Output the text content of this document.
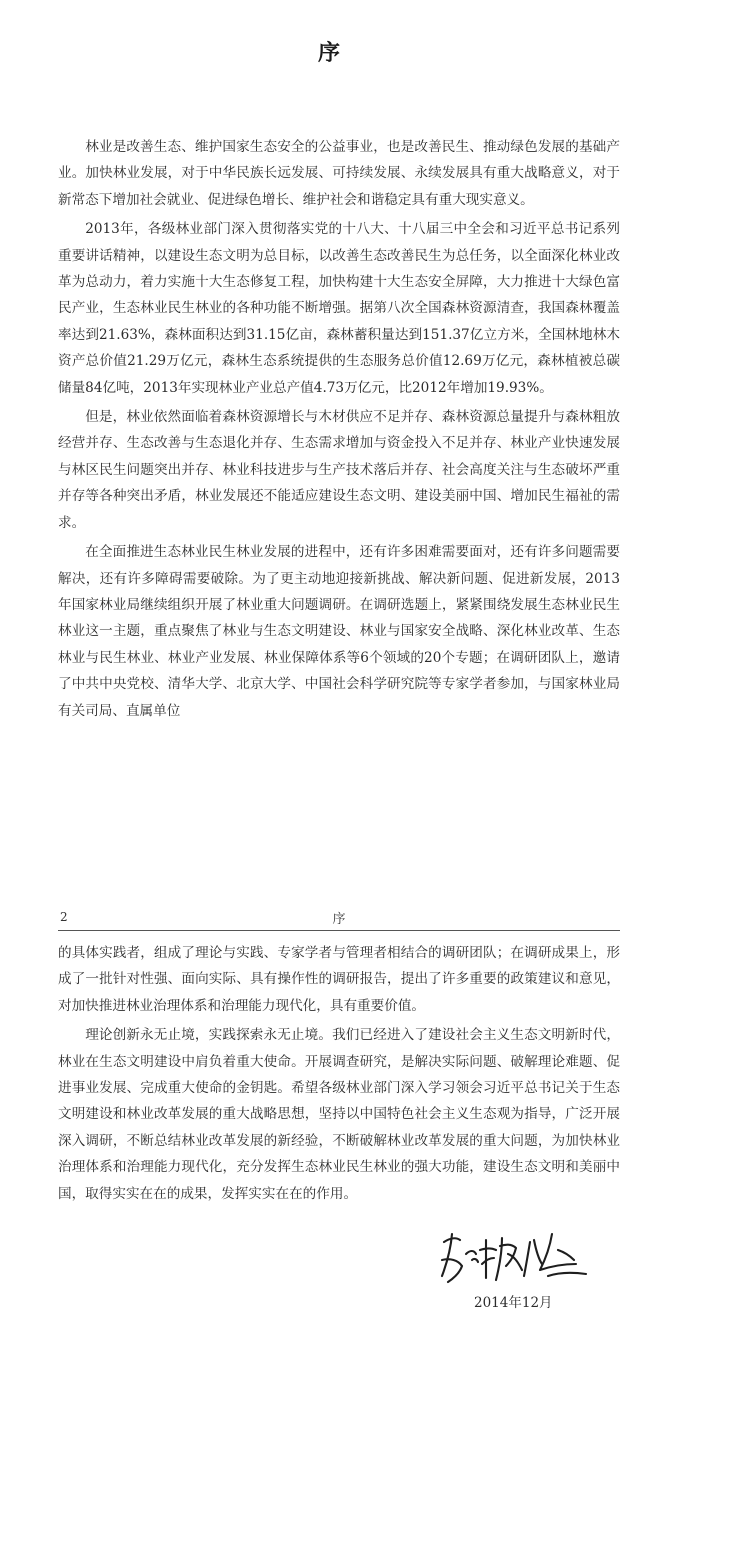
序

林业是改善生态、维护国家生态安全的公益事业，也是改善民生、推动绿色发展的基础产业。加快林业发展，对于中华民族长远发展、可持续发展、永续发展具有重大战略意义，对于新常态下增加社会就业、促进绿色增长、维护社会和谐稳定具有重大现实意义。

2013年，各级林业部门深入贯彻落实党的十八大、十八届三中全会和习近平总书记系列重要讲话精神，以建设生态文明为总目标，以改善生态改善民生为总任务，以全面深化林业改革为总动力，着力实施十大生态修复工程，加快构建十大生态安全屏障，大力推进十大绿色富民产业，生态林业民生林业的各种功能不断增强。据第八次全国森林资源清查，我国森林覆盖率达到21.63%，森林面积达到31.15亿亩，森林蓄积量达到151.37亿立方米，全国林地林木资产总价值21.29万亿元，森林生态系统提供的生态服务总价值12.69万亿元，森林植被总碳储量84亿吨，2013年实现林业产业总产值4.73万亿元，比2012年增加19.93%。

但是，林业依然面临着森林资源增长与木材供应不足并存、森林资源总量提升与森林粗放经营并存、生态改善与生态退化并存、生态需求增加与资金投入不足并存、林业产业快速发展与林区民生问题突出并存、林业科技进步与生产技术落后并存、社会高度关注与生态破坏严重并存等各种突出矛盾，林业发展还不能适应建设生态文明、建设美丽中国、增加民生福祉的需求。

在全面推进生态林业民生林业发展的进程中，还有许多困难需要面对，还有许多问题需要解决，还有许多障碍需要破除。为了更主动地迎接新挑战、解决新问题、促进新发展，2013年国家林业局继续组织开展了林业重大问题调研。在调研选题上，紧紧围绕发展生态林业民生林业这一主题，重点聚焦了林业与生态文明建设、林业与国家安全战略、深化林业改革、生态林业与民生林业、林业产业发展、林业保障体系等6个领域的20个专题；在调研团队上，邀请了中共中央党校、清华大学、北京大学、中国社会科学研究院等专家学者参加，与国家林业局有关司局、直属单位

2	序

的具体实践者，组成了理论与实践、专家学者与管理者相结合的调研团队；在调研成果上，形成了一批针对性强、面向实际、具有操作性的调研报告，提出了许多重要的政策建议和意见，对加快推进林业治理体系和治理能力现代化，具有重要价值。

理论创新永无止境，实践探索永无止境。我们已经进入了建设社会主义生态文明新时代，林业在生态文明建设中肩负着重大使命。开展调查研究，是解决实际问题、破解理论难题、促进事业发展、完成重大使命的金钥匙。希望各级林业部门深入学习领会习近平总书记关于生态文明建设和林业改革发展的重大战略思想，坚持以中国特色社会主义生态观为指导，广泛开展深入调研，不断总结林业改革发展的新经验，不断破解林业改革发展的重大问题，为加快林业治理体系和治理能力现代化，充分发挥生态林业民生林业的强大功能，建设生态文明和美丽中国，取得实实在在的成果，发挥实实在在的作用。

2014年12月
